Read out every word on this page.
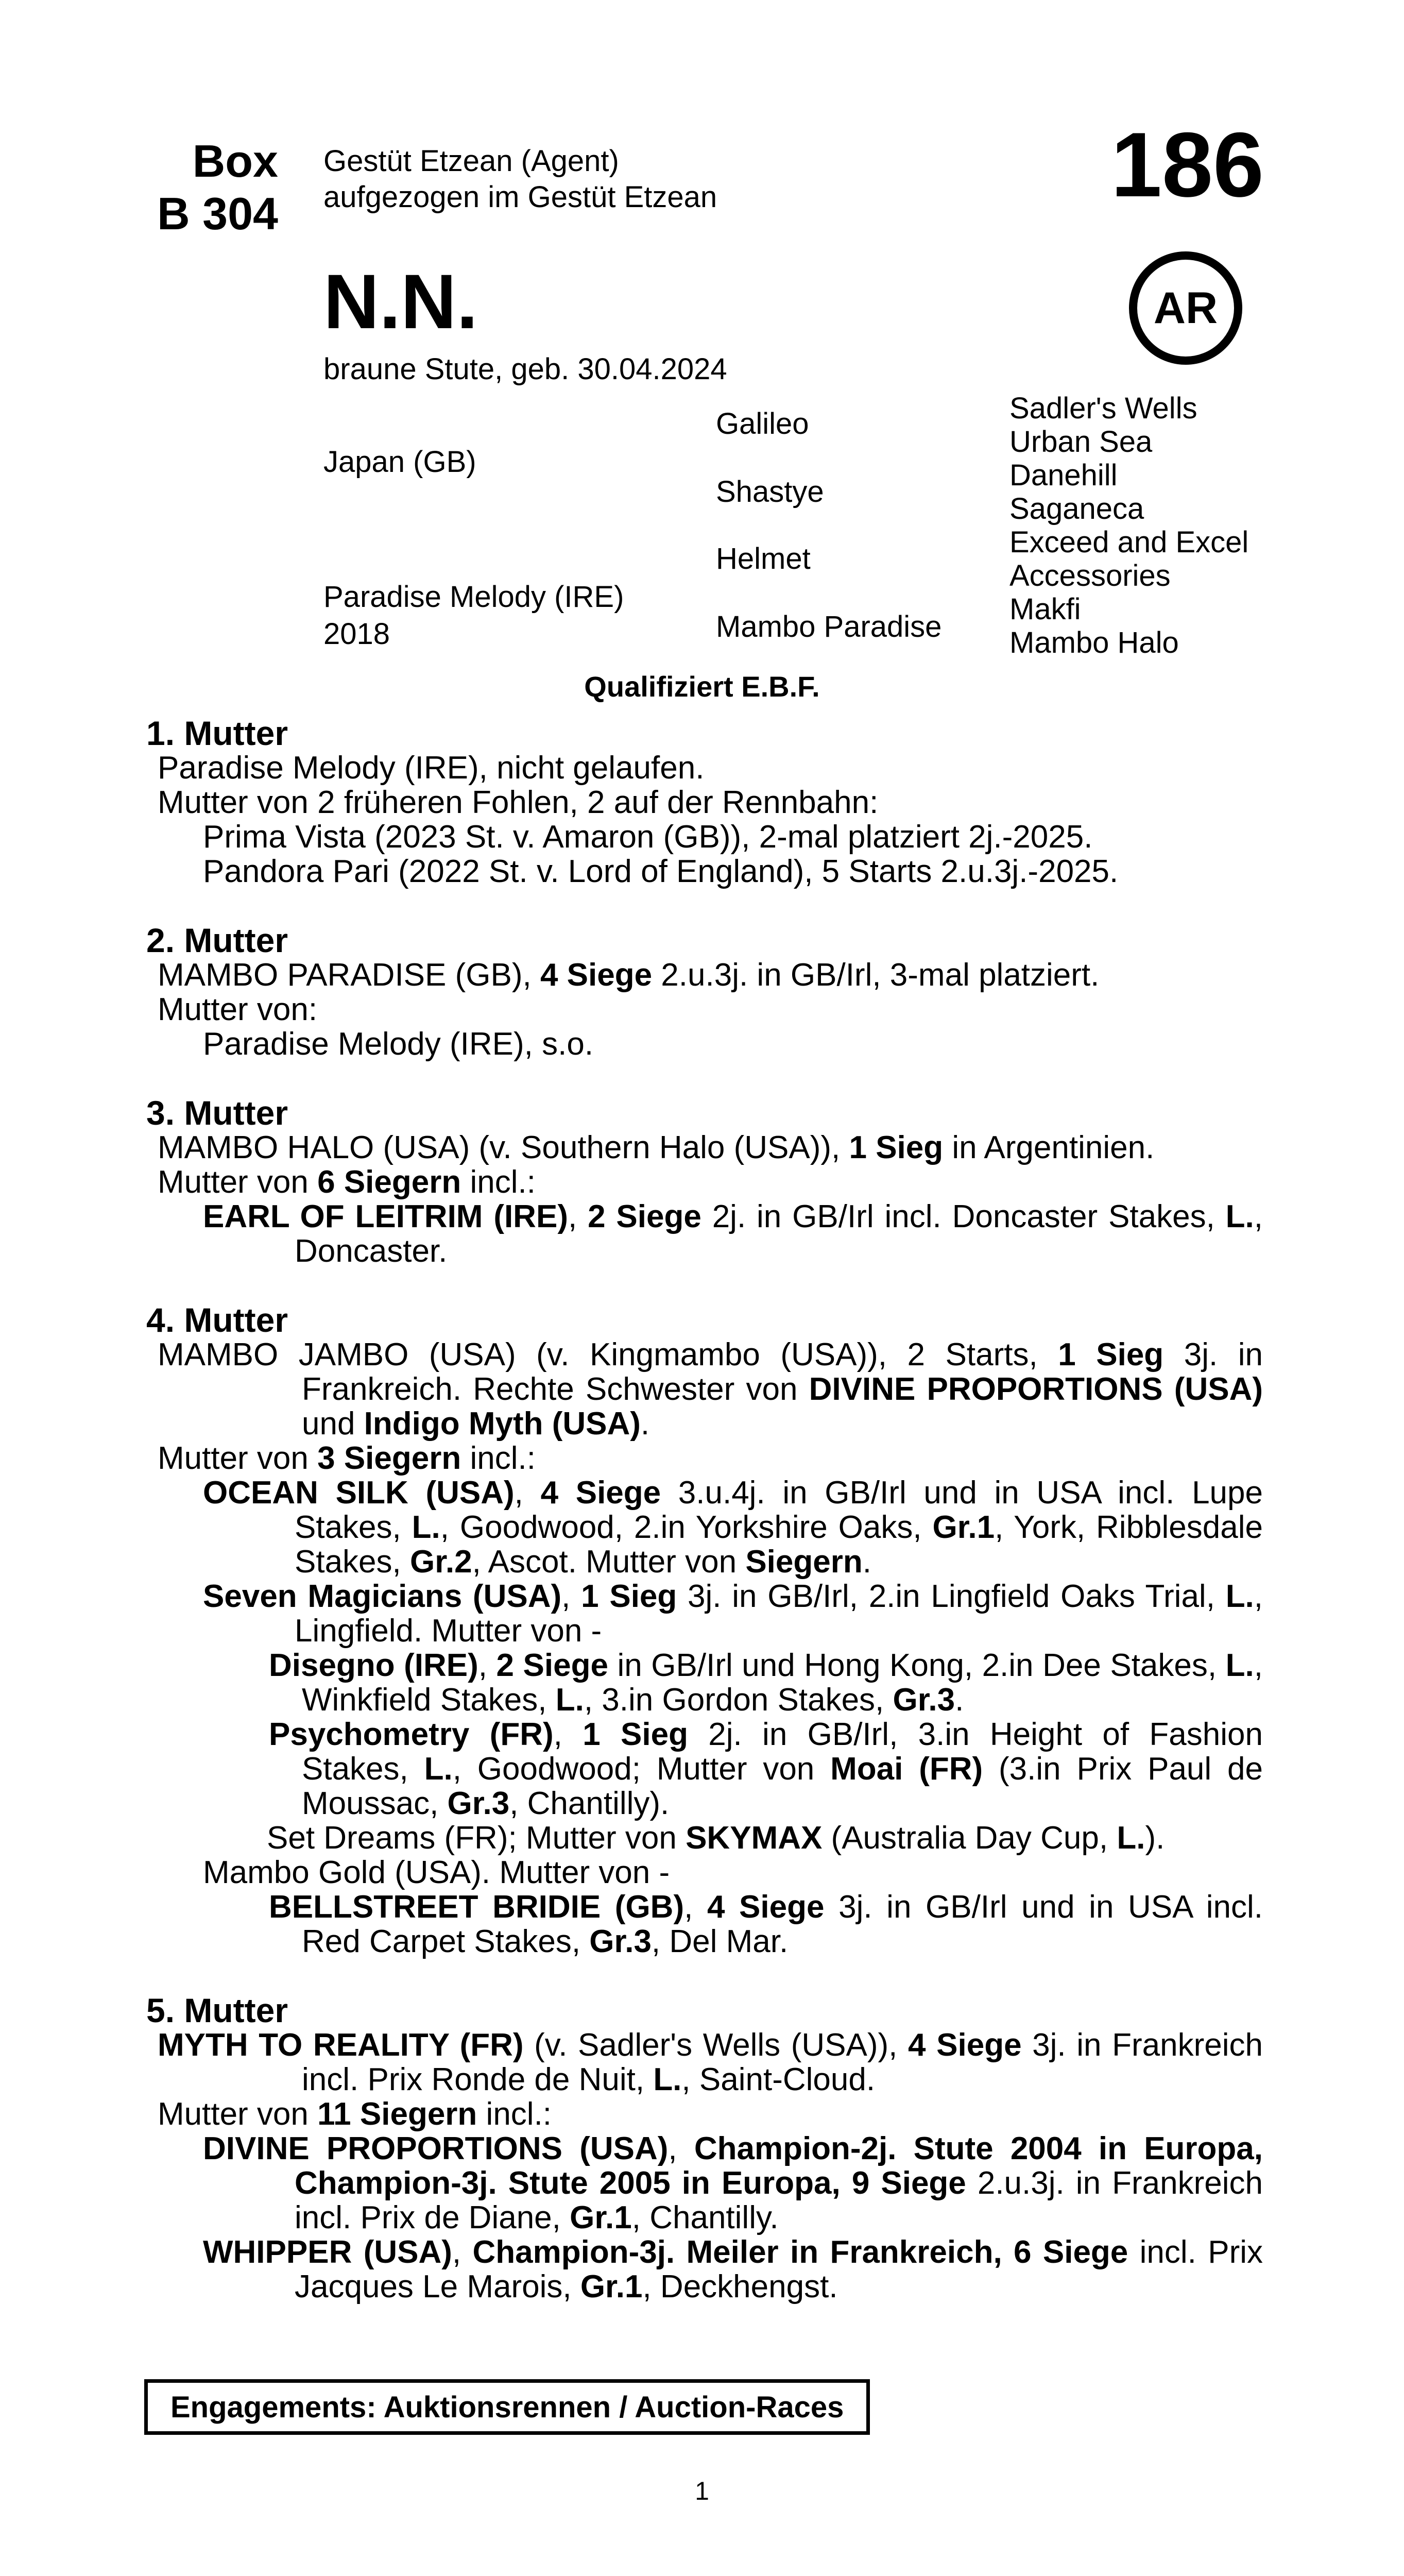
Box
B 304
Gestüt Etzean (Agent)
aufgezogen im Gestüt Etzean	186
AR
N.N.
braune Stute, geb. 30.04.2024
Japan (GB)
Paradise Melody (IRE)
2018
Galileo
Shastye
Helmet
Mambo Paradise
Sadler's Wells
Urban Sea
Danehill
Saganeca
Exceed and Excel
Accessories
Makfi
Mambo Halo
Qualifiziert E.B.F.
1. Mutter

Paradise Melody (IRE), nicht gelaufen.

Mutter von 2 früheren Fohlen, 2 auf der Rennbahn:

Prima Vista (2023 St. v. Amaron (GB)), 2-mal platziert 2j.-2025.

Pandora Pari (2022 St. v. Lord of England), 5 Starts 2.u.3j.-2025.

2. Mutter

MAMBO PARADISE (GB), 4 Siege 2.u.3j. in GB/Irl, 3-mal platziert.

Mutter von:

Paradise Melody (IRE), s.o.

3. Mutter

MAMBO HALO (USA) (v. Southern Halo (USA)), 1 Sieg in Argentinien.

Mutter von 6 Siegern incl.:

EARL OF LEITRIM (IRE), 2 Siege 2j. in GB/Irl incl. Doncaster Stakes, L., Doncaster.

4. Mutter

MAMBO JAMBO (USA) (v. Kingmambo (USA)), 2 Starts, 1 Sieg 3j. in Frankreich. Rechte Schwester von DIVINE PROPORTIONS (USA) und Indigo Myth (USA).

Mutter von 3 Siegern incl.:

OCEAN SILK (USA), 4 Siege 3.u.4j. in GB/Irl und in USA incl. Lupe Stakes, L., Goodwood, 2.in Yorkshire Oaks, Gr.1, York, Ribblesdale Stakes, Gr.2, Ascot. Mutter von Siegern.

Seven Magicians (USA), 1 Sieg 3j. in GB/Irl, 2.in Lingfield Oaks Trial, L., Lingfield. Mutter von -

Disegno (IRE), 2 Siege in GB/Irl und Hong Kong, 2.in Dee Stakes, L., Winkfield Stakes, L., 3.in Gordon Stakes, Gr.3.

Psychometry (FR), 1 Sieg 2j. in GB/Irl, 3.in Height of Fashion Stakes, L., Goodwood; Mutter von Moai (FR) (3.in Prix Paul de Moussac, Gr.3, Chantilly).

Set Dreams (FR); Mutter von SKYMAX (Australia Day Cup, L.).

Mambo Gold (USA). Mutter von -

BELLSTREET BRIDIE (GB), 4 Siege 3j. in GB/Irl und in USA incl. Red Carpet Stakes, Gr.3, Del Mar.

5. Mutter

MYTH TO REALITY (FR) (v. Sadler's Wells (USA)), 4 Siege 3j. in Frankreich incl. Prix Ronde de Nuit, L., Saint-Cloud.

Mutter von 11 Siegern incl.:

DIVINE PROPORTIONS (USA), Champion-2j. Stute 2004 in Europa, Champion-3j. Stute 2005 in Europa, 9 Siege 2.u.3j. in Frankreich incl. Prix de Diane, Gr.1, Chantilly.

WHIPPER (USA), Champion-3j. Meiler in Frankreich, 6 Siege incl. Prix Jacques Le Marois, Gr.1, Deckhengst.

Engagements: Auktionsrennen / Auction-Races
1
